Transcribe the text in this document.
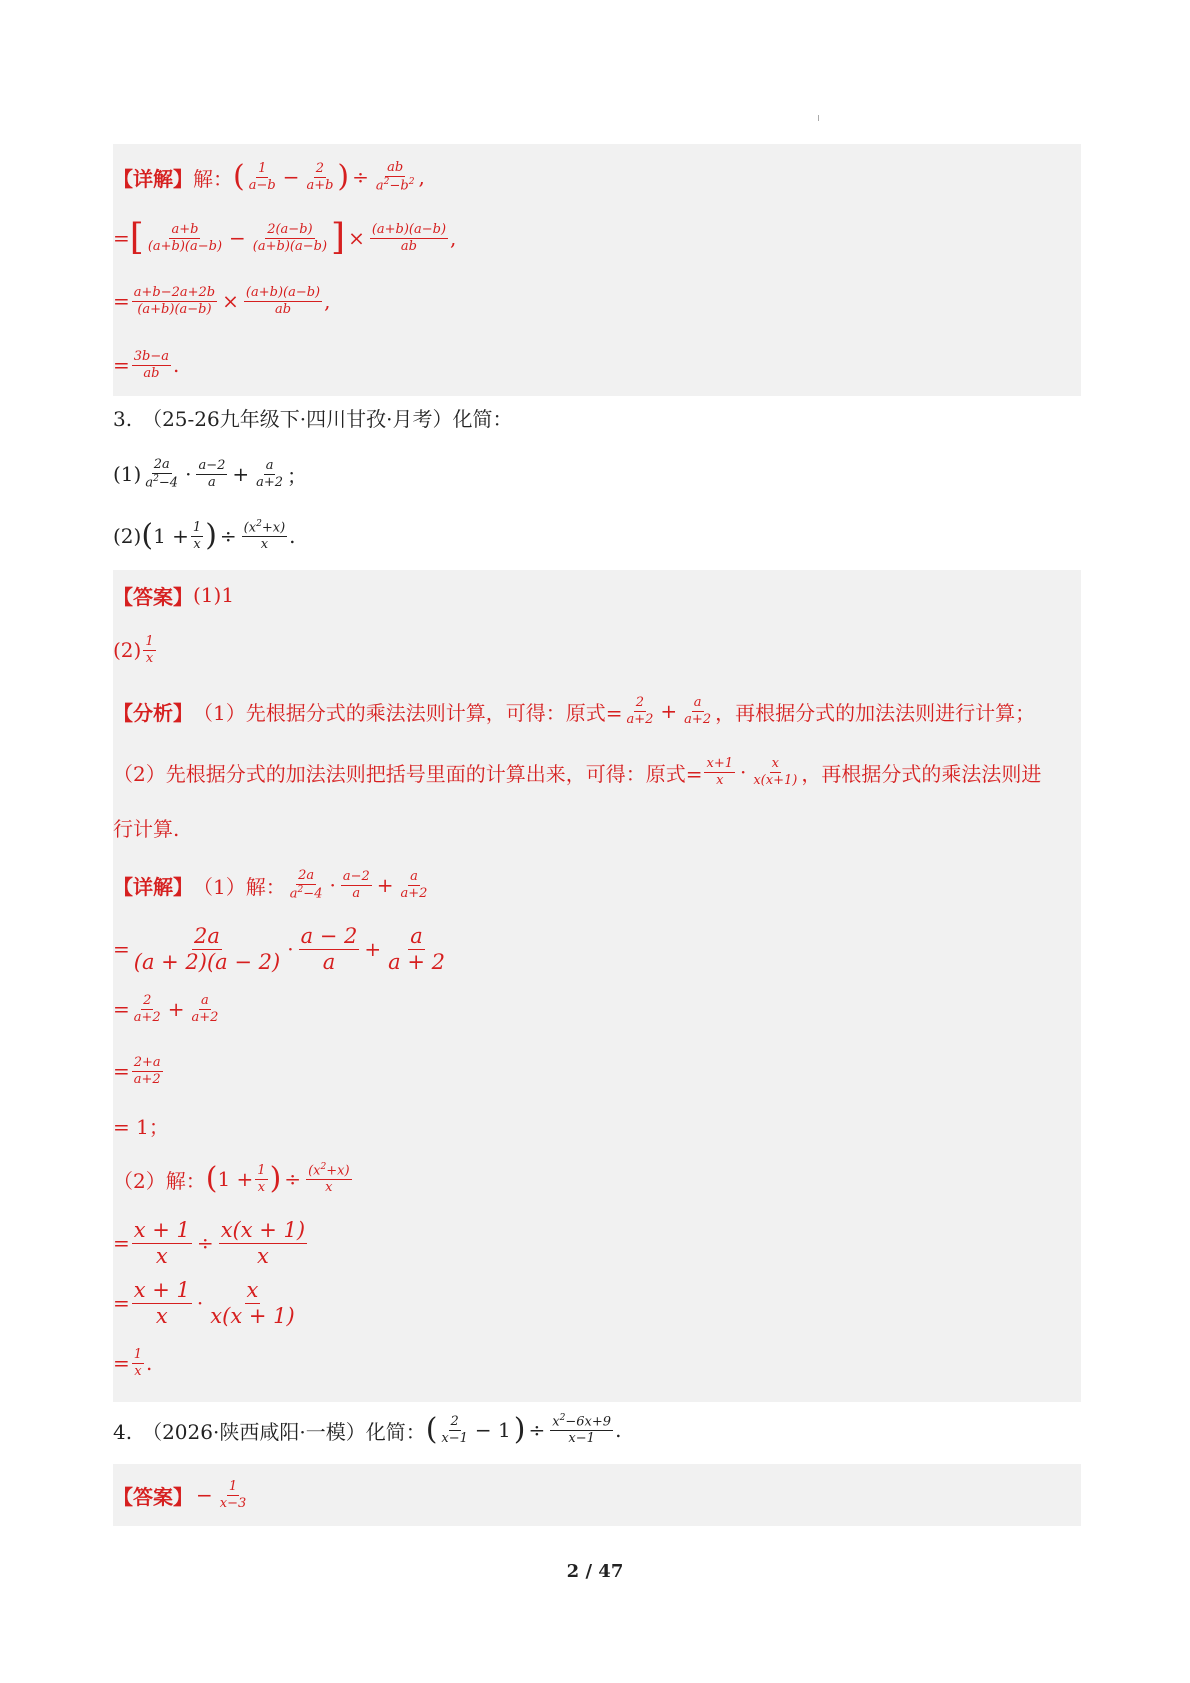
【详解】 解： ( 1
$a-b - \frac{2}{a+b}$ ) ÷ $\frac{ab}{a^2-b^2}$ ,
= [ a+b
$(a+b)(a-b) - \frac{2(a-b)}{(a+b)(a-b)}$ ] × $\frac{(a+b)(a-b)}{ab}$ ,
= $\frac{a+b-2a+2b}{(a+b)(a-b)} \times \frac{(a+b)(a-b)}{ab}$ ,
= $\frac{3b-a}{ab}$ .
3.　（25-26九年级下·四川甘孜·月考）化简：
(1) 2a
$a^2-4 \cdot a-2$
$a + \frac{a}{a+2}$ ；
(2) ( $1 + \frac{1}{x}$ ) ÷ $\frac{(x^2+x)}{x}$ .
【答案】 (1)1
(2) 1
x
【分析】 （1）先根据分式的乘法法则计算，可得：原式= $\frac{2}{a+2} + \frac{a}{a+2}$ ，再根据分式的加法法则进行计算；
（2）先根据分式的加法法则把括号里面的计算出来，可得：原式= $\frac{x+1}{x} \cdot x$
x(x+1) ，再根据分式的乘法法则进
行计算.
【详解】 （1）解： 2a
$a^2-4 \cdot a-2$
$a + \frac{a}{a+2}$
= $\frac{2a}{(a + 2)(a - 2)}$ ·
a − 2
a
+ $\frac{a}{a + 2}$
= $\frac{2}{a+2} + \frac{a}{a+2}$
= $\frac{2+a}{a+2}$
= 1；
（2）解： ( $1 + \frac{1}{x}$ ) ÷ $\frac{(x^2+x)}{x}$
= $\frac{x + 1}{x} \div \frac{x(x + 1)}{x}$
= $\frac{x + 1}{x}$ ·
x
x(x + 1)
= $\frac{1}{x}$ .
4.　（2026·陕西咸阳·一模）化简： ( 2
x−1 − 1 ) ÷ $\frac{x^2-6x+9}{x-1}$ .
【答案】 − $\frac{1}{x-3}$
2 / 47
